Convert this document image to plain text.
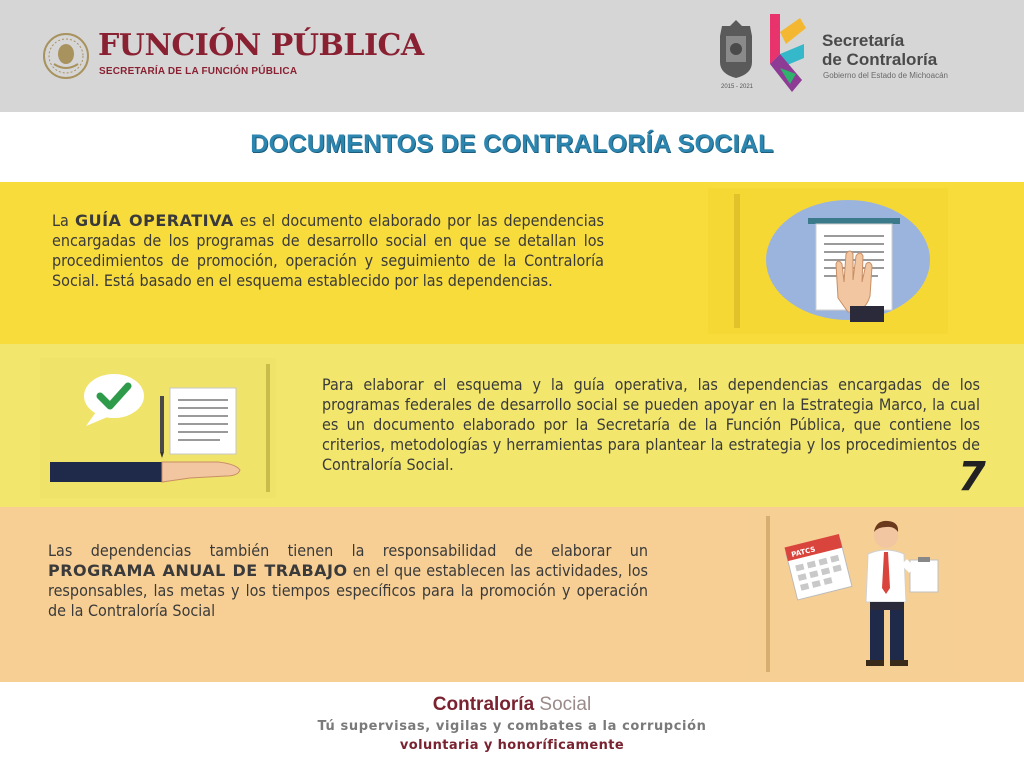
FUNCIÓN PÚBLICA
SECRETARÍA DE LA FUNCIÓN PÚBLICA
2015 - 2021
Secretaría
de Contraloría
Gobierno del Estado de Michoacán
DOCUMENTOS DE CONTRALORÍA SOCIAL
La GUÍA OPERATIVA es el documento elaborado por las dependencias encargadas de los programas de desarrollo social en que se detallan los procedimientos de promoción, operación y seguimiento de la Contraloría Social. Está basado en el esquema establecido por las dependencias.
Para elaborar el esquema y la guía operativa, las dependencias encargadas de los programas federales de desarrollo social se pueden apoyar en la Estrategia Marco, la cual es un documento elaborado por la Secretaría de la Función Pública, que contiene los criterios, metodologías y herramientas para plantear la estrategia y los procedimientos de Contraloría Social.	7
Las dependencias también tienen la responsabilidad de elaborar un PROGRAMA ANUAL DE TRABAJO en el que establecen las actividades, los responsables, las metas y los tiempos específicos para la promoción y operación de la Contraloría Social
PATCS
Contraloría Social
Tú supervisas, vigilas y combates a la corrupción
voluntaria y honoríficamente
